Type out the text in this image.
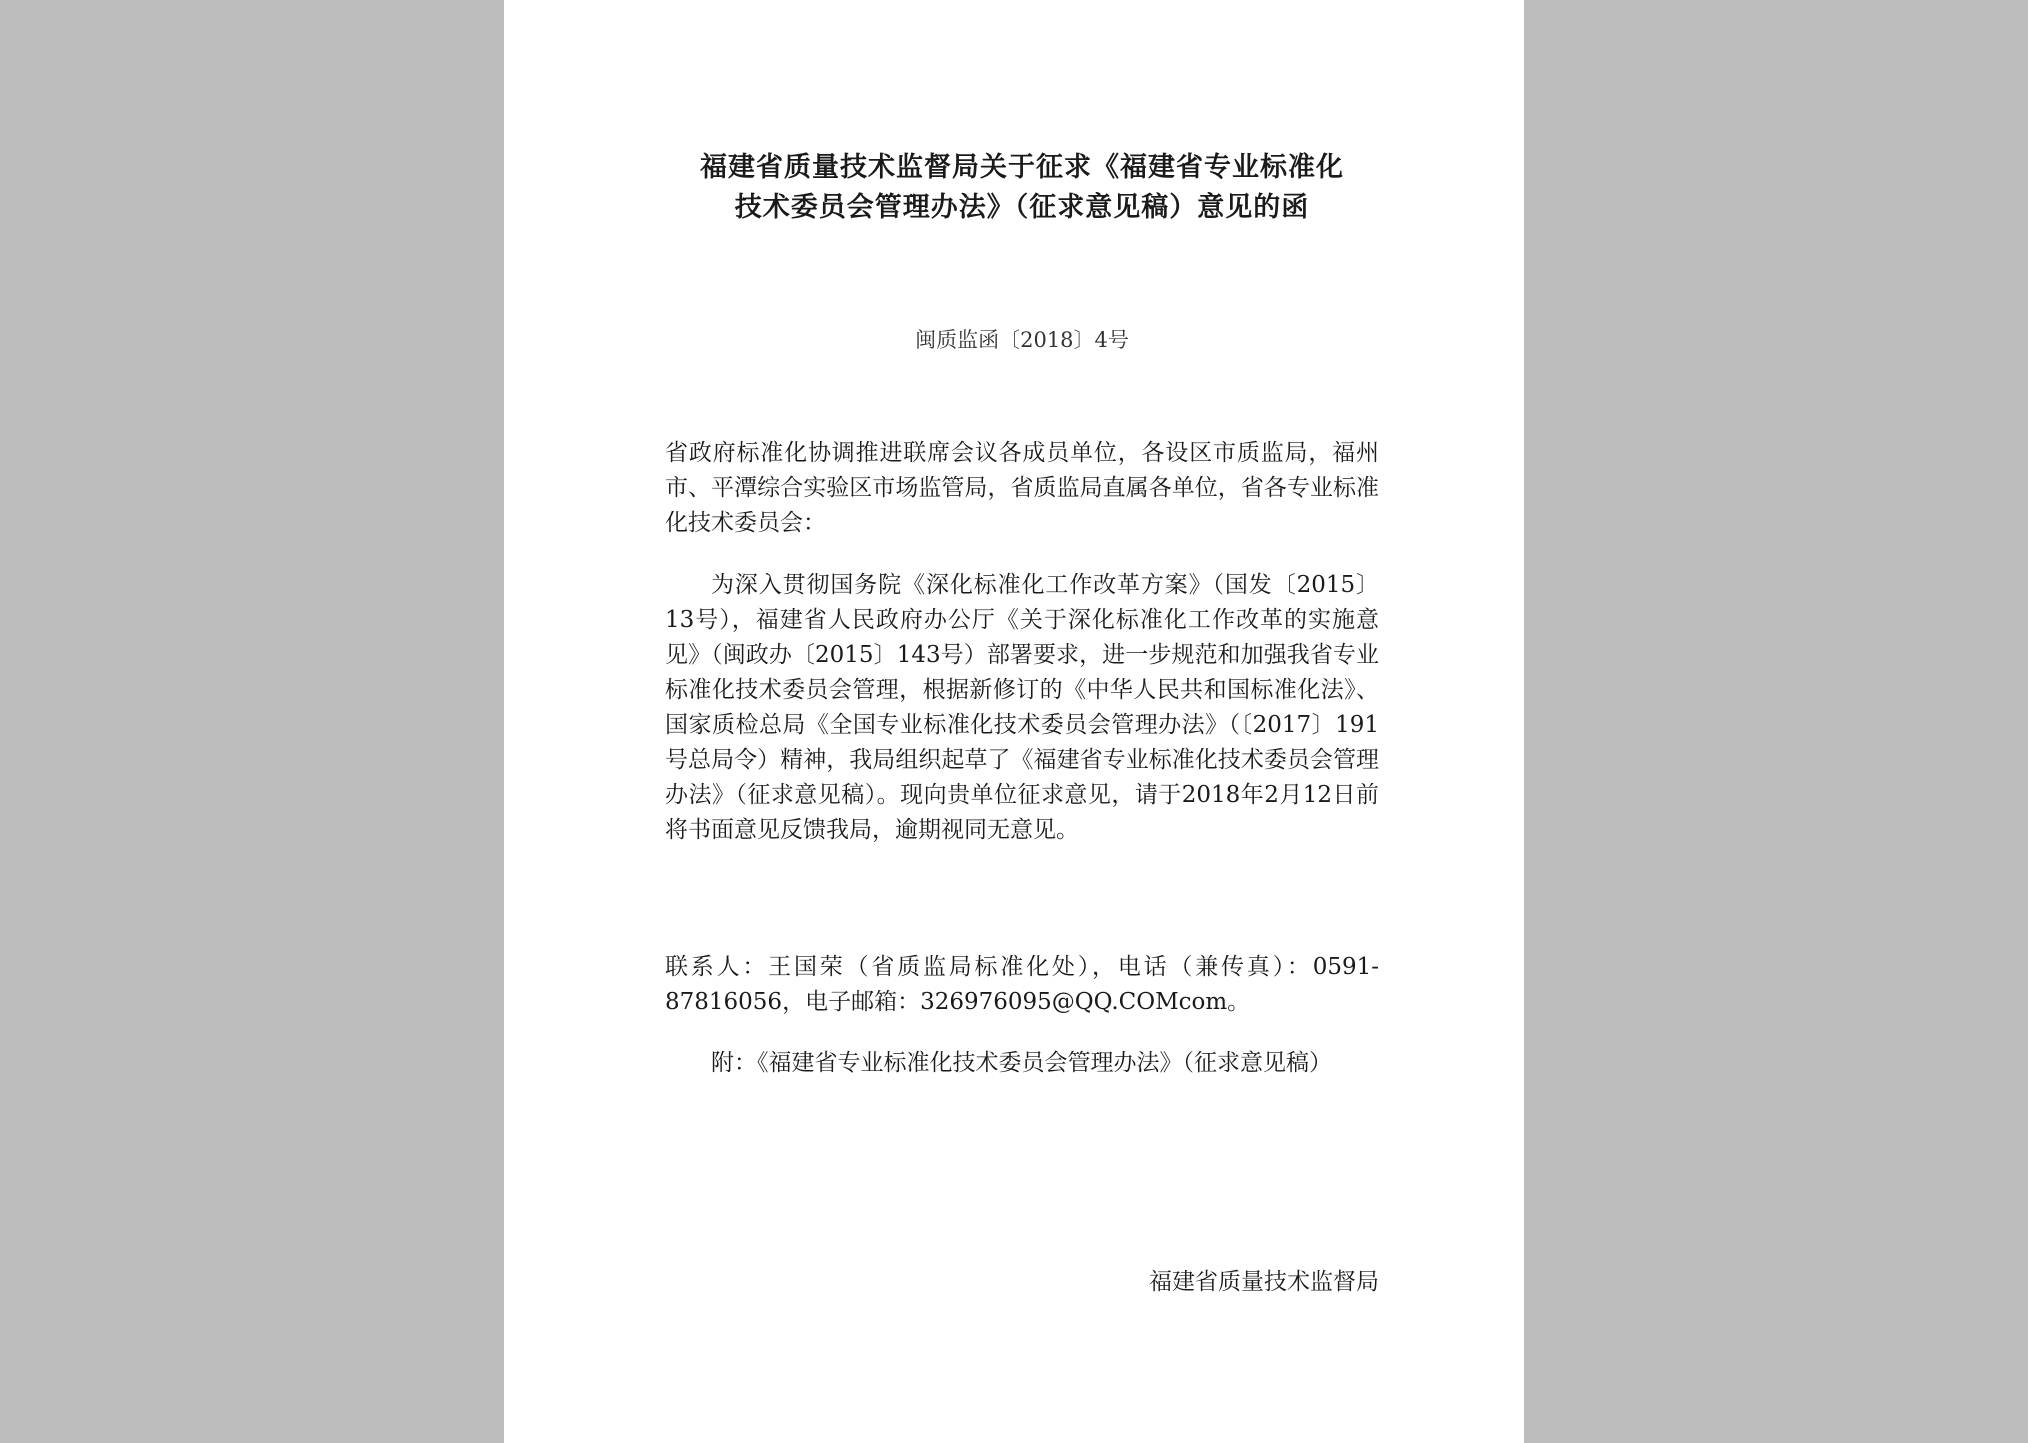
福建省质量技术监督局关于征求《福建省专业标准化
技术委员会管理办法》（征求意见稿）意见的函
闽质监函〔2018〕4号

省政府标准化协调推进联席会议各成员单位，各设区市质监局，福州市、平潭综合实验区市场监管局，省质监局直属各单位，省各专业标准化技术委员会：

为深入贯彻国务院《深化标准化工作改革方案》（国发〔2015〕13号），福建省人民政府办公厅《关于深化标准化工作改革的实施意见》（闽政办〔2015〕143号）部署要求，进一步规范和加强我省专业标准化技术委员会管理，根据新修订的《中华人民共和国标准化法》、国家质检总局《全国专业标准化技术委员会管理办法》（〔2017〕191号总局令）精神，我局组织起草了《福建省专业标准化技术委员会管理办法》（征求意见稿）。现向贵单位征求意见，请于2018年2月12日前将书面意见反馈我局，逾期视同无意见。

联系人：王国荣（省质监局标准化处），电话（兼传真）：0591-87816056，电子邮箱：326976095@QQ.COMcom。

附：《福建省专业标准化技术委员会管理办法》（征求意见稿）

福建省质量技术监督局
